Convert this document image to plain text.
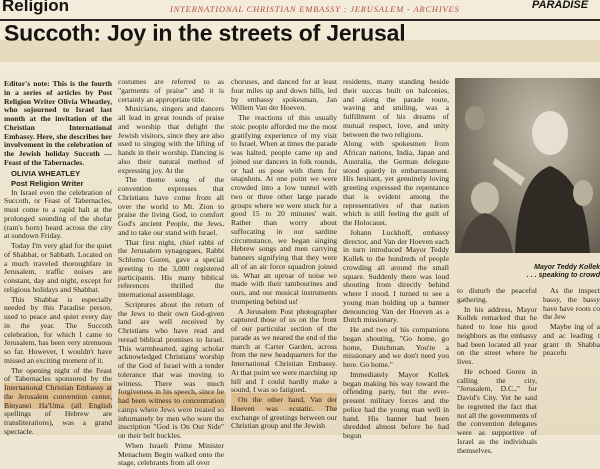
Religion	INTERNATIONAL CHRISTIAN EMBASSY : JERUSALEM - ARCHIVES	PARADISE
Succoth: Joy in the streets of Jerusal

Editor's note: This is the fourth in a series of articles by Post Religion Writer Olivia Wheatley, who sojourned to Israel last month at the invitation of the Christian International Embassy. Here, she describes her involvement in the celebration of the Jewish holiday Succoth — Feast of the Tabernacles.

OLIVIA WHEATLEY

Post Religion Writer

In Israel even the celebration of Succoth, or Feast of Tabernacles, must come to a rapid halt at the prolonged sounding of the shofar (ram's horn) heard across the city at sundown Friday.

Today I'm very glad for the quiet of Shabbat, or Sabbath. Located on a much traveled thoroughfare in Jerusalem, traffic noises are constant, day and night, except for religious holidays and Shabbat.

This Shabbat is especially needed by this Paradise person, used to peace and quiet every day in the year. The Succoth celebration, for which I came to Jerusalem, has been very strenuous so far. However, I wouldn't have missed an exciting moment of it.

The opening night of the Feast of Tabernacles sponsored by the International Christian Embassy at the Jerusalem convention center, Binyanei Ha'Uma (all English spellings of Hebrew are transliterations), was a grand spectacle.

costumes are referred to as "garments of praise" and it is certainly an appropriate title.

Musicians, singers and dancers all lead in great rounds of praise and worship that delight the Jewish visitors, since they are also used to singing with the lifting of hands in their worship. Dancing is also their natural method of expressing joy. At the

The theme song of the convention expresses that Christians have come from all over the world to Mt. Zion to praise the living God, to comfort God's ancient People, the Jews, and to take our stand with Israel.

That first night, chief rabbi of the Jerusalem synagogues, Rabbi Schlomo Goren, gave a special greeting to the 3,000 registered participants. His many biblical references thrilled the international assemblage.

Scriptures about the return of the Jews to their own God-given land are well received by Christians who have read and reread biblical promises to Israel. This warmhearted, aging scholar acknowledged Christians' worship of the God of Israel with a tender tolerance that was moving to witness. There was much forgiveness in his speech, since he had been witness to concentration camps where Jews were treated so inhumanely by men who wore the inscription "God is On Our Side" on their belt buckles.

When Israeli Prime Minister Menachem Begin walked onto the stage, celebrants from all over

choruses, and danced for at least four miles up and down hills, led by embassy spokesman, Jan Willem Van der Hoeven.

The reactions of this usually stoic people afforded me the most gratifying experience of my visit to Israel. When at times the parade was halted, people came up and joined our dancers in folk rounds, or had us pose with them for snapshots. At one point we were crowded into a low tunnel with two or three other large parade groups where we were stuck for a good 15 to 20 minutes' wait. Rather than worry about suffocating in our sardine circumstance, we began singing Hebrew songs and men carrying banners signifying that they were all of an air force squadron joined us. What an uproar of noise we made with their tambourines and ours, and our musical instruments trumpeting behind us!

A Jerusalem Post photographer captured those of us on the front of our particular section of the parade as we neared the end of the march at Carter Garden, across from the new headquarters for the International Christian Embassy. At that point we were marching up hill and I could hardly make a sound, I was so fatigued.

On the other hand, Van der Hoeven was ecstatic. The exchange of greetings between our Christian group and the Jewish

residents, many standing beside their succas built on balconies, and along the parade route, waving and smiling, was a fulfillment of his dreams of mutual respect, love, and unity between the two religions.

Along with spokesmen from African nations, India, Japan and Australia, the German delegate stood quietly in embarrassment. His hesitant, yet genuinely loving greeting expressed the repentance that is evident among the representatives of that nation which is still feeling the guilt of the Holocaust.

Johann Luckhoff, embassy director, and Van der Hoeven each in turn introduced Mayor Teddy Kollek to the hundreds of people crowding all around the small square. Suddenly there was loud shouting from directly behind where I stood. I turned to see a young man holding up a banner denouncing Van der Hoeven as a Dutch missionary.

He and two of his companions began shouting, "Go home, go home, Dutchman. You're a missionary and we don't need you here. Go home."

Immediately Mayor Kollek began making his way toward the offending party, but the ever-present military forces and the police had the young man well in hand. His banner had been shredded almost before he had begun

Mayor Teddy Kollek
. . . speaking to crowd

to disturb the peaceful gathering.

In his address, Mayor Kollek remarked that he hated to lose his good neighbors as the embassy had been located all year on the street where he lives.

He echoed Goren in calling the city, "Jerusalem, D.C.," for David's City. Yet he said he regretted the fact that not all the governments of the convention delegates were as supportive of Israel as the individuals themselves.

As the inspect bassy, the bassy have have roots co the Jew

Maybe ing of a and ac leading t grant th Shabba peacefu
